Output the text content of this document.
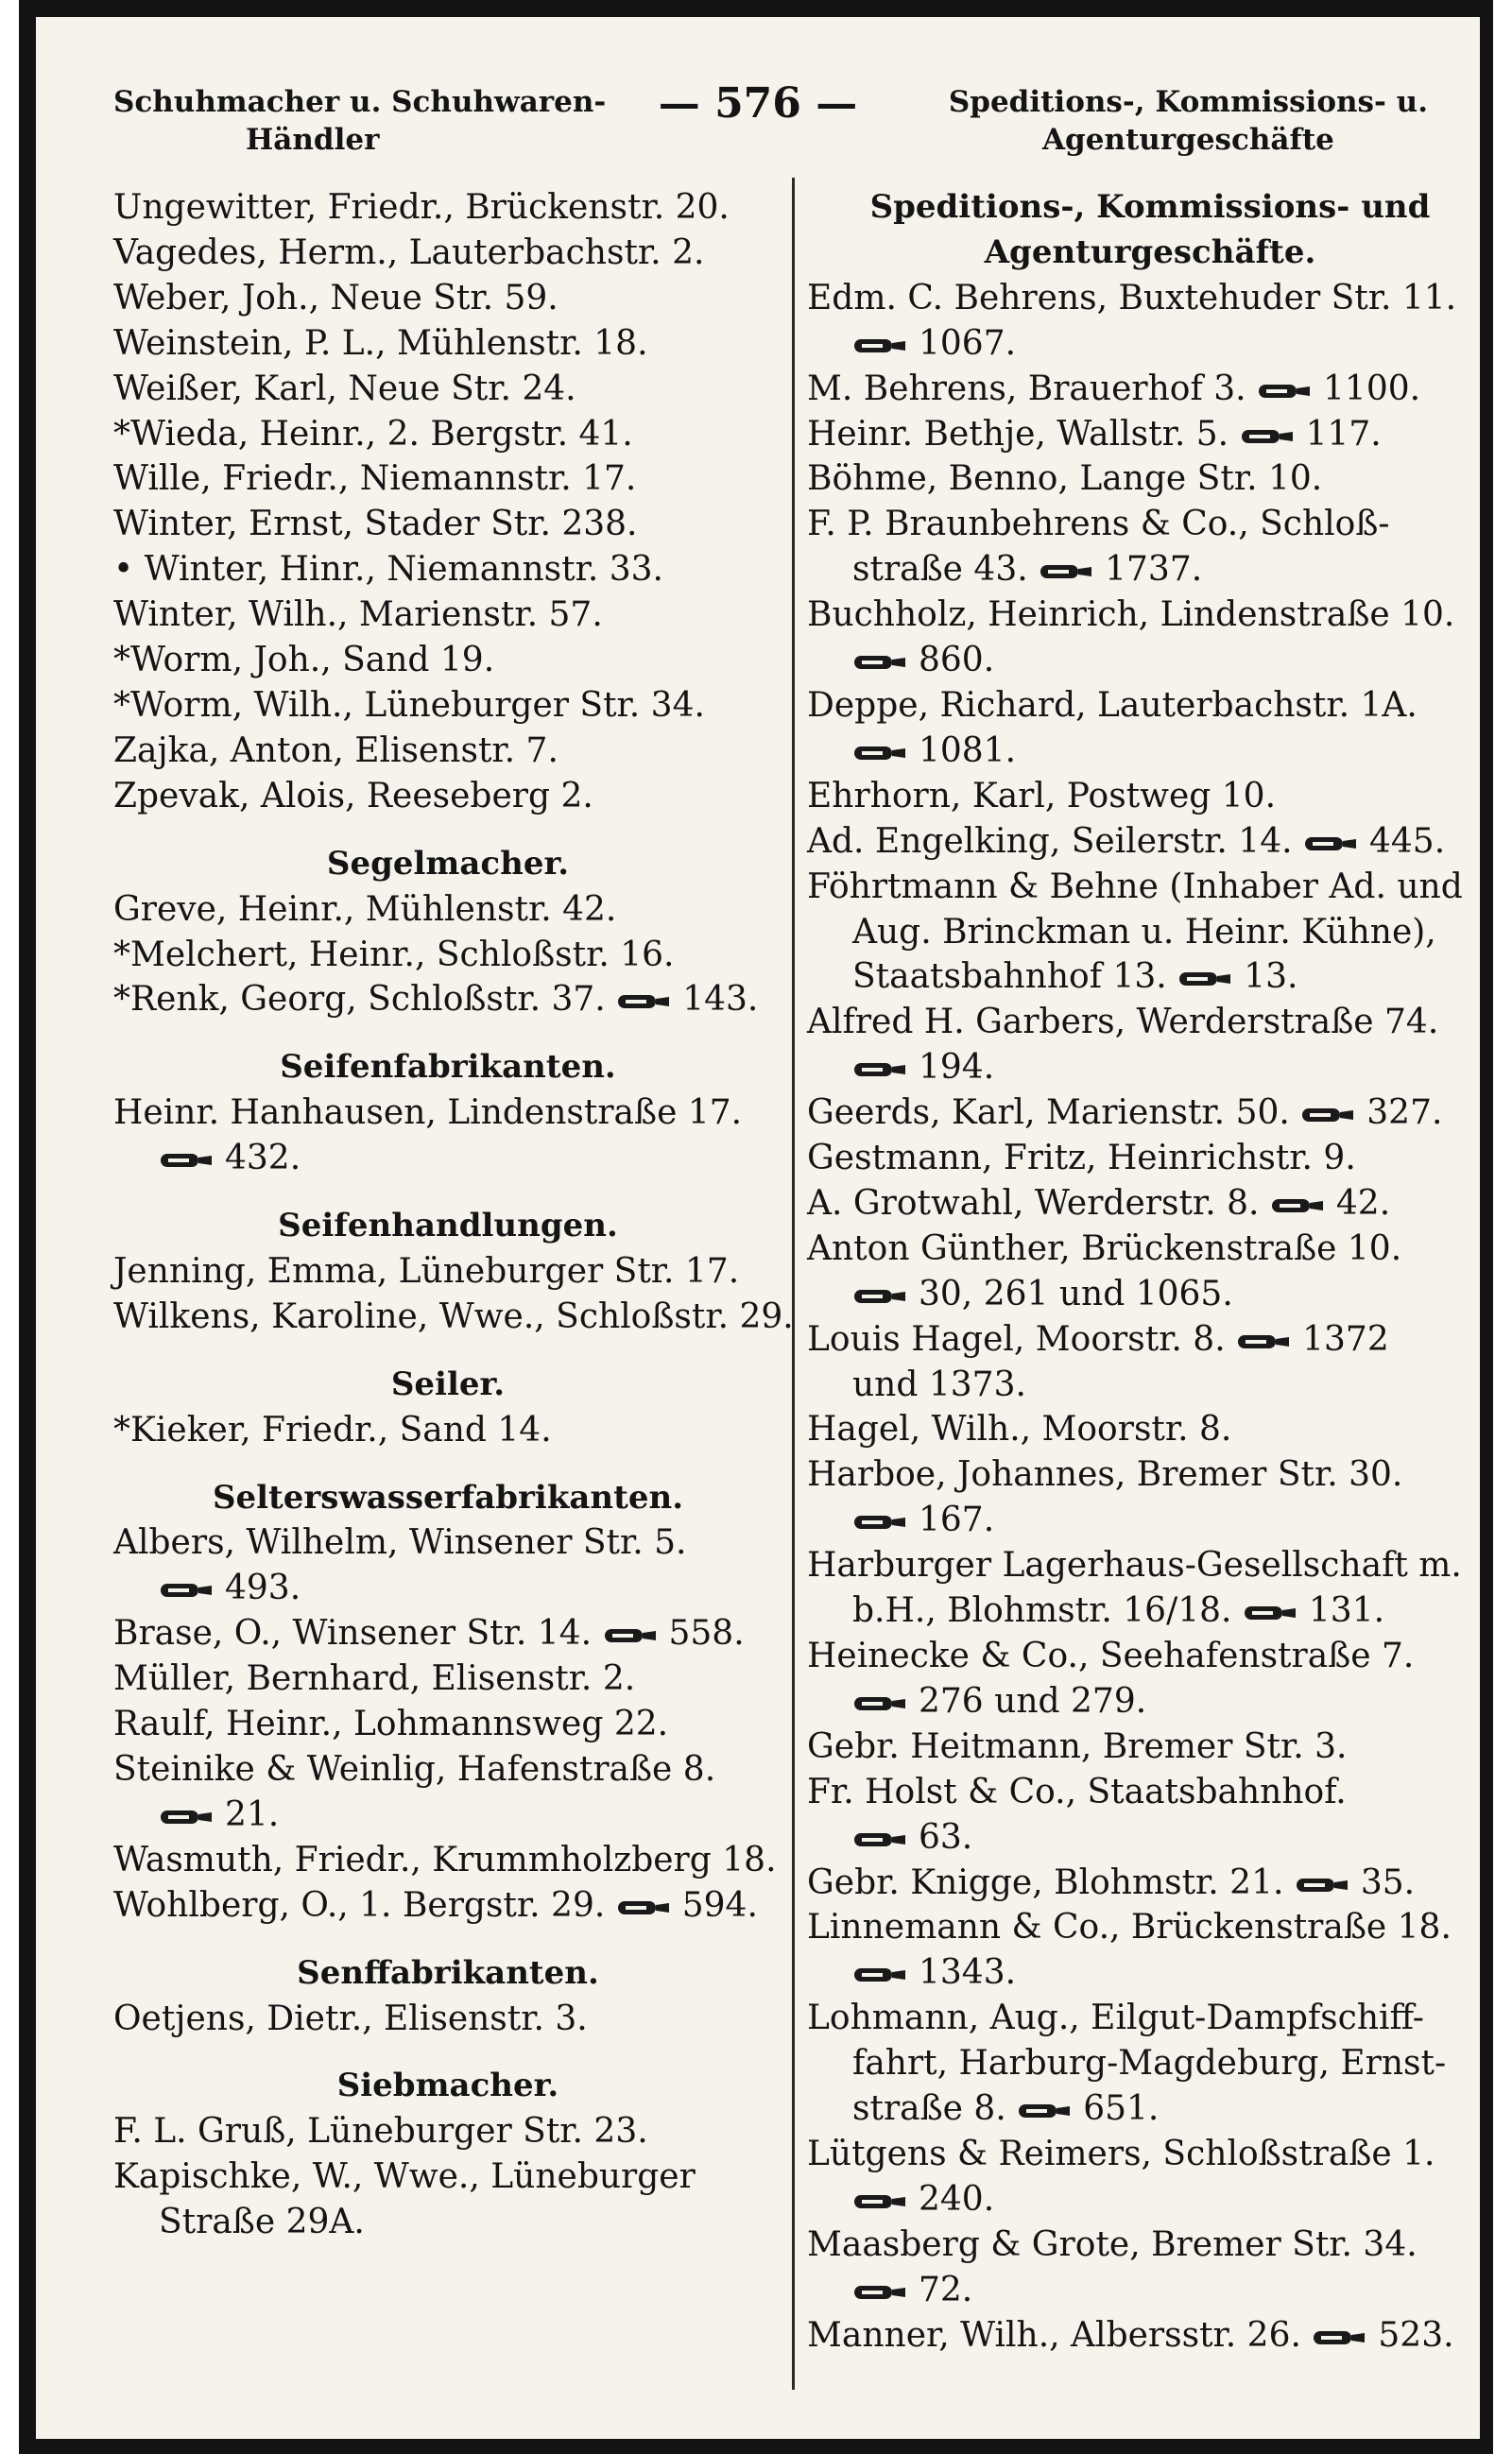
Schuhmacher u. Schuhwaren-
Händler
— 576 —	Speditions-, Kommissions- u.
Agenturgeschäfte
Ungewitter, Friedr., Brückenstr. 20.
Vagedes, Herm., Lauterbachstr. 2.
Weber, Joh., Neue Str. 59.
Weinstein, P. L., Mühlenstr. 18.
Weißer, Karl, Neue Str. 24.
*Wieda, Heinr., 2. Bergstr. 41.
Wille, Friedr., Niemannstr. 17.
Winter, Ernst, Stader Str. 238.
• Winter, Hinr., Niemannstr. 33.
Winter, Wilh., Marienstr. 57.
*Worm, Joh., Sand 19.
*Worm, Wilh., Lüneburger Str. 34.
Zajka, Anton, Elisenstr. 7.
Zpevak, Alois, Reeseberg 2.
Segelmacher.
Greve, Heinr., Mühlenstr. 42.
*Melchert, Heinr., Schloßstr. 16.
*Renk, Georg, Schloßstr. 37. 143.
Seifenfabrikanten.
Heinr. Hanhausen, Lindenstraße 17.
432.
Seifenhandlungen.
Jenning, Emma, Lüneburger Str. 17.
Wilkens, Karoline, Wwe., Schloßstr. 29.
Seiler.
*Kieker, Friedr., Sand 14.
Selterswasserfabrikanten.
Albers, Wilhelm, Winsener Str. 5.
493.
Brase, O., Winsener Str. 14. 558.
Müller, Bernhard, Elisenstr. 2.
Raulf, Heinr., Lohmannsweg 22.
Steinike & Weinlig, Hafenstraße 8.
21.
Wasmuth, Friedr., Krummholzberg 18.
Wohlberg, O., 1. Bergstr. 29. 594.
Senffabrikanten.
Oetjens, Dietr., Elisenstr. 3.
Siebmacher.
F. L. Gruß, Lüneburger Str. 23.
Kapischke, W., Wwe., Lüneburger
Straße 29A.
Speditions-, Kommissions- und
Agenturgeschäfte.
Edm. C. Behrens, Buxtehuder Str. 11.
1067.
M. Behrens, Brauerhof 3. 1100.
Heinr. Bethje, Wallstr. 5. 117.
Böhme, Benno, Lange Str. 10.
F. P. Braunbehrens & Co., Schloß-
straße 43. 1737.
Buchholz, Heinrich, Lindenstraße 10.
860.
Deppe, Richard, Lauterbachstr. 1A.
1081.
Ehrhorn, Karl, Postweg 10.
Ad. Engelking, Seilerstr. 14. 445.
Föhrtmann & Behne (Inhaber Ad. und
Aug. Brinckman u. Heinr. Kühne),
Staatsbahnhof 13. 13.
Alfred H. Garbers, Werderstraße 74.
194.
Geerds, Karl, Marienstr. 50. 327.
Gestmann, Fritz, Heinrichstr. 9.
A. Grotwahl, Werderstr. 8. 42.
Anton Günther, Brückenstraße 10.
30, 261 und 1065.
Louis Hagel, Moorstr. 8. 1372
und 1373.
Hagel, Wilh., Moorstr. 8.
Harboe, Johannes, Bremer Str. 30.
167.
Harburger Lagerhaus-Gesellschaft m.
b.H., Blohmstr. 16/18. 131.
Heinecke & Co., Seehafenstraße 7.
276 und 279.
Gebr. Heitmann, Bremer Str. 3.
Fr. Holst & Co., Staatsbahnhof.
63.
Gebr. Knigge, Blohmstr. 21. 35.
Linnemann & Co., Brückenstraße 18.
1343.
Lohmann, Aug., Eilgut-Dampfschiff-
fahrt, Harburg-Magdeburg, Ernst-
straße 8. 651.
Lütgens & Reimers, Schloßstraße 1.
240.
Maasberg & Grote, Bremer Str. 34.
72.
Manner, Wilh., Albersstr. 26. 523.
